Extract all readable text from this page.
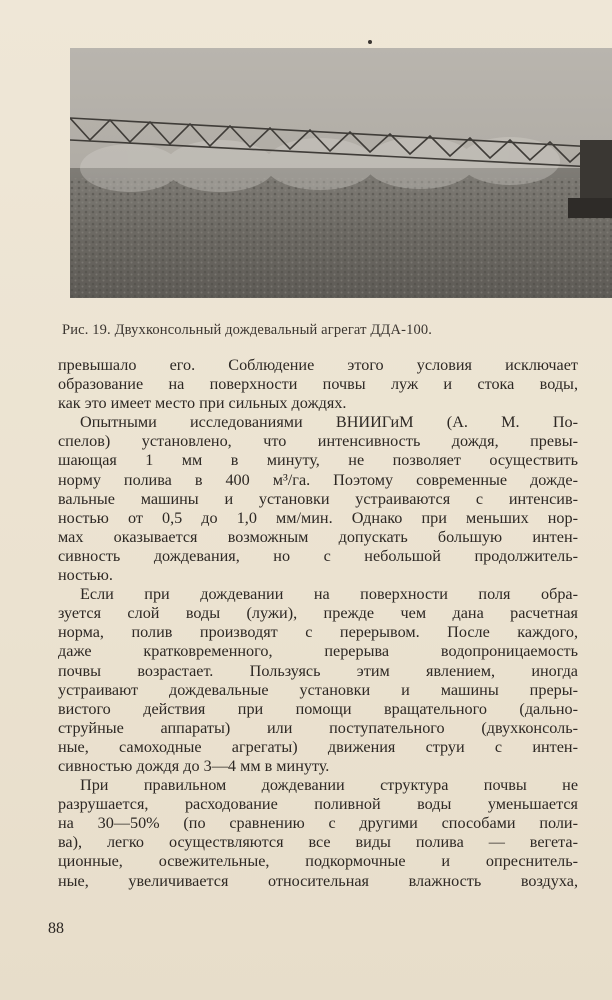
Рис. 19. Двухконсольный дождевальный агрегат ДДА-100.

превышало его. Соблюдение этого условия исключает
образование на поверхности почвы луж и стока воды,
как это имеет место при сильных дождях.

Опытными исследованиями ВНИИГиМ (А. М. По-
спелов) установлено, что интенсивность дождя, превы-
шающая 1 мм в минуту, не позволяет осуществить
норму полива в 400 м³/га. Поэтому современные дожде-
вальные машины и установки устраиваются с интенсив-
ностью от 0,5 до 1,0 мм/мин. Однако при меньших нор-
мах оказывается возможным допускать большую интен-
сивность дождевания, но с небольшой продолжитель-
ностью.

Если при дождевании на поверхности поля обра-
зуется слой воды (лужи), прежде чем дана расчетная
норма, полив производят с перерывом. После каждого,
даже кратковременного, перерыва водопроницаемость
почвы возрастает. Пользуясь этим явлением, иногда
устраивают дождевальные установки и машины преры-
вистого действия при помощи вращательного (дально-
струйные аппараты) или поступательного (двухконсоль-
ные, самоходные агрегаты) движения струи с интен-
сивностью дождя до 3—4 мм в минуту.

При правильном дождевании структура почвы не
разрушается, расходование поливной воды уменьшается
на 30—50% (по сравнению с другими способами поли-
ва), легко осуществляются все виды полива — вегета-
ционные, освежительные, подкормочные и опреснитель-
ные, увеличивается относительная влажность воздуха,

88
